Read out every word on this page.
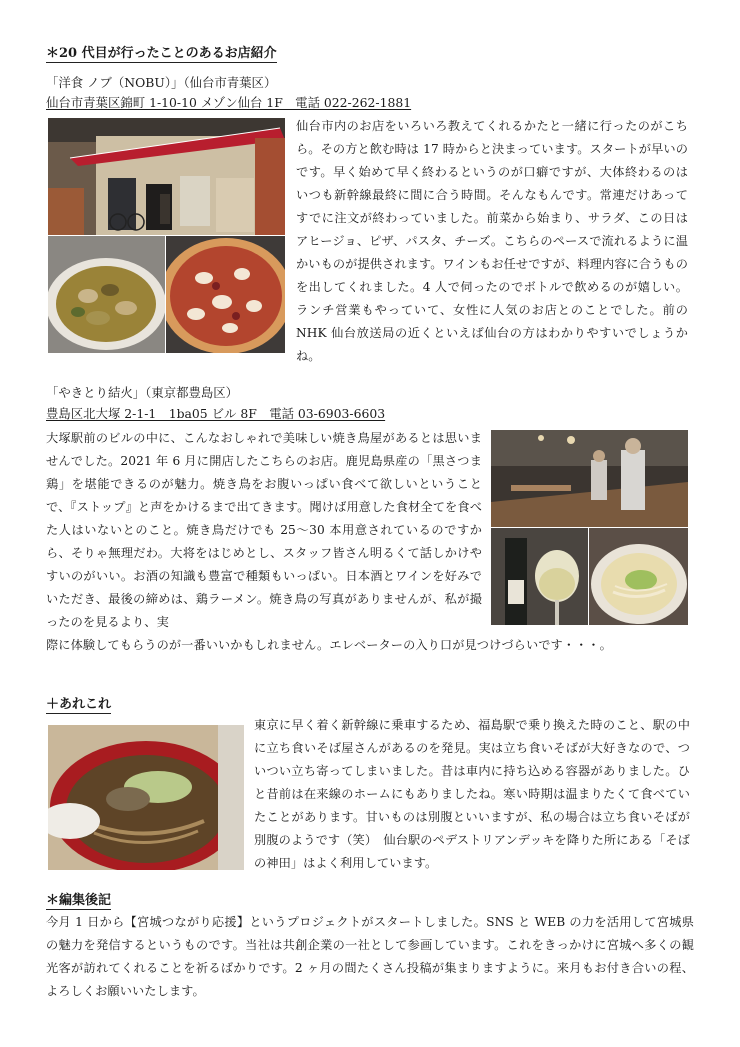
＊20 代目が行ったことのあるお店紹介
「洋食 ノブ（NOBU）」（仙台市青葉区）
仙台市青葉区錦町 1-10-10 メゾン仙台 1F　電話 022-262-1881

仙台市内のお店をいろいろ教えてくれるかたと一緒に行ったのがこちら。その方と飲む時は 17 時からと決まっています。スタートが早いのです。早く始めて早く終わるというのが口癖ですが、大体終わるのはいつも新幹線最終に間に合う時間。そんなもんです。常連だけあってすでに注文が終わっていました。前菜から始まり、サラダ、この日はアヒージョ、ピザ、パスタ、チーズ。こちらのペースで流れるように温かいものが提供されます。ワインもお任せですが、料理内容に合うものを出してくれました。4 人で伺ったのでボトルで飲めるのが嬉しい。ランチ営業もやっていて、女性に人気のお店とのことでした。前の NHK 仙台放送局の近くといえば仙台の方はわかりやすいでしょうかね。

「やきとり結火」（東京都豊島区）
豊島区北大塚 2-1-1　1ba05 ビル 8F　電話 03-6903-6603

大塚駅前のビルの中に、こんなおしゃれで美味しい焼き鳥屋があるとは思いませんでした。2021 年 6 月に開店したこちらのお店。鹿児島県産の「黒さつま鶏」を堪能できるのが魅力。焼き鳥をお腹いっぱい食べて欲しいということで、『ストップ』と声をかけるまで出てきます。聞けば用意した食材全てを食べた人はいないとのこと。焼き鳥だけでも 25～30 本用意されているのですから、そりゃ無理だわ。大将をはじめとし、スタッフ皆さん明るくて話しかけやすいのがいい。お酒の知識も豊富で種類もいっぱい。日本酒とワインを好みでいただき、最後の締めは、鶏ラーメン。焼き鳥の写真がありませんが、私が撮ったのを見るより、実

際に体験してもらうのが一番いいかもしれません。エレベーターの入り口が見つけづらいです・・・。

＋あれこれ

東京に早く着く新幹線に乗車するため、福島駅で乗り換えた時のこと、駅の中に立ち食いそば屋さんがあるのを発見。実は立ち食いそばが大好きなので、ついつい立ち寄ってしまいました。昔は車内に持ち込める容器がありました。ひと昔前は在来線のホームにもありましたね。寒い時期は温まりたくて食べていたことがあります。甘いものは別腹といいますが、私の場合は立ち食いそばが別腹のようです（笑）　仙台駅のペデストリアンデッキを降りた所にある「そばの神田」はよく利用しています。

＊編集後記

今月 1 日から【宮城つながり応援】というプロジェクトがスタートしました。SNS と WEB の力を活用して宮城県の魅力を発信するというものです。当社は共創企業の一社として参画しています。これをきっかけに宮城へ多くの観光客が訪れてくれることを祈るばかりです。2 ヶ月の間たくさん投稿が集まりますように。来月もお付き合いの程、よろしくお願いいたします。
